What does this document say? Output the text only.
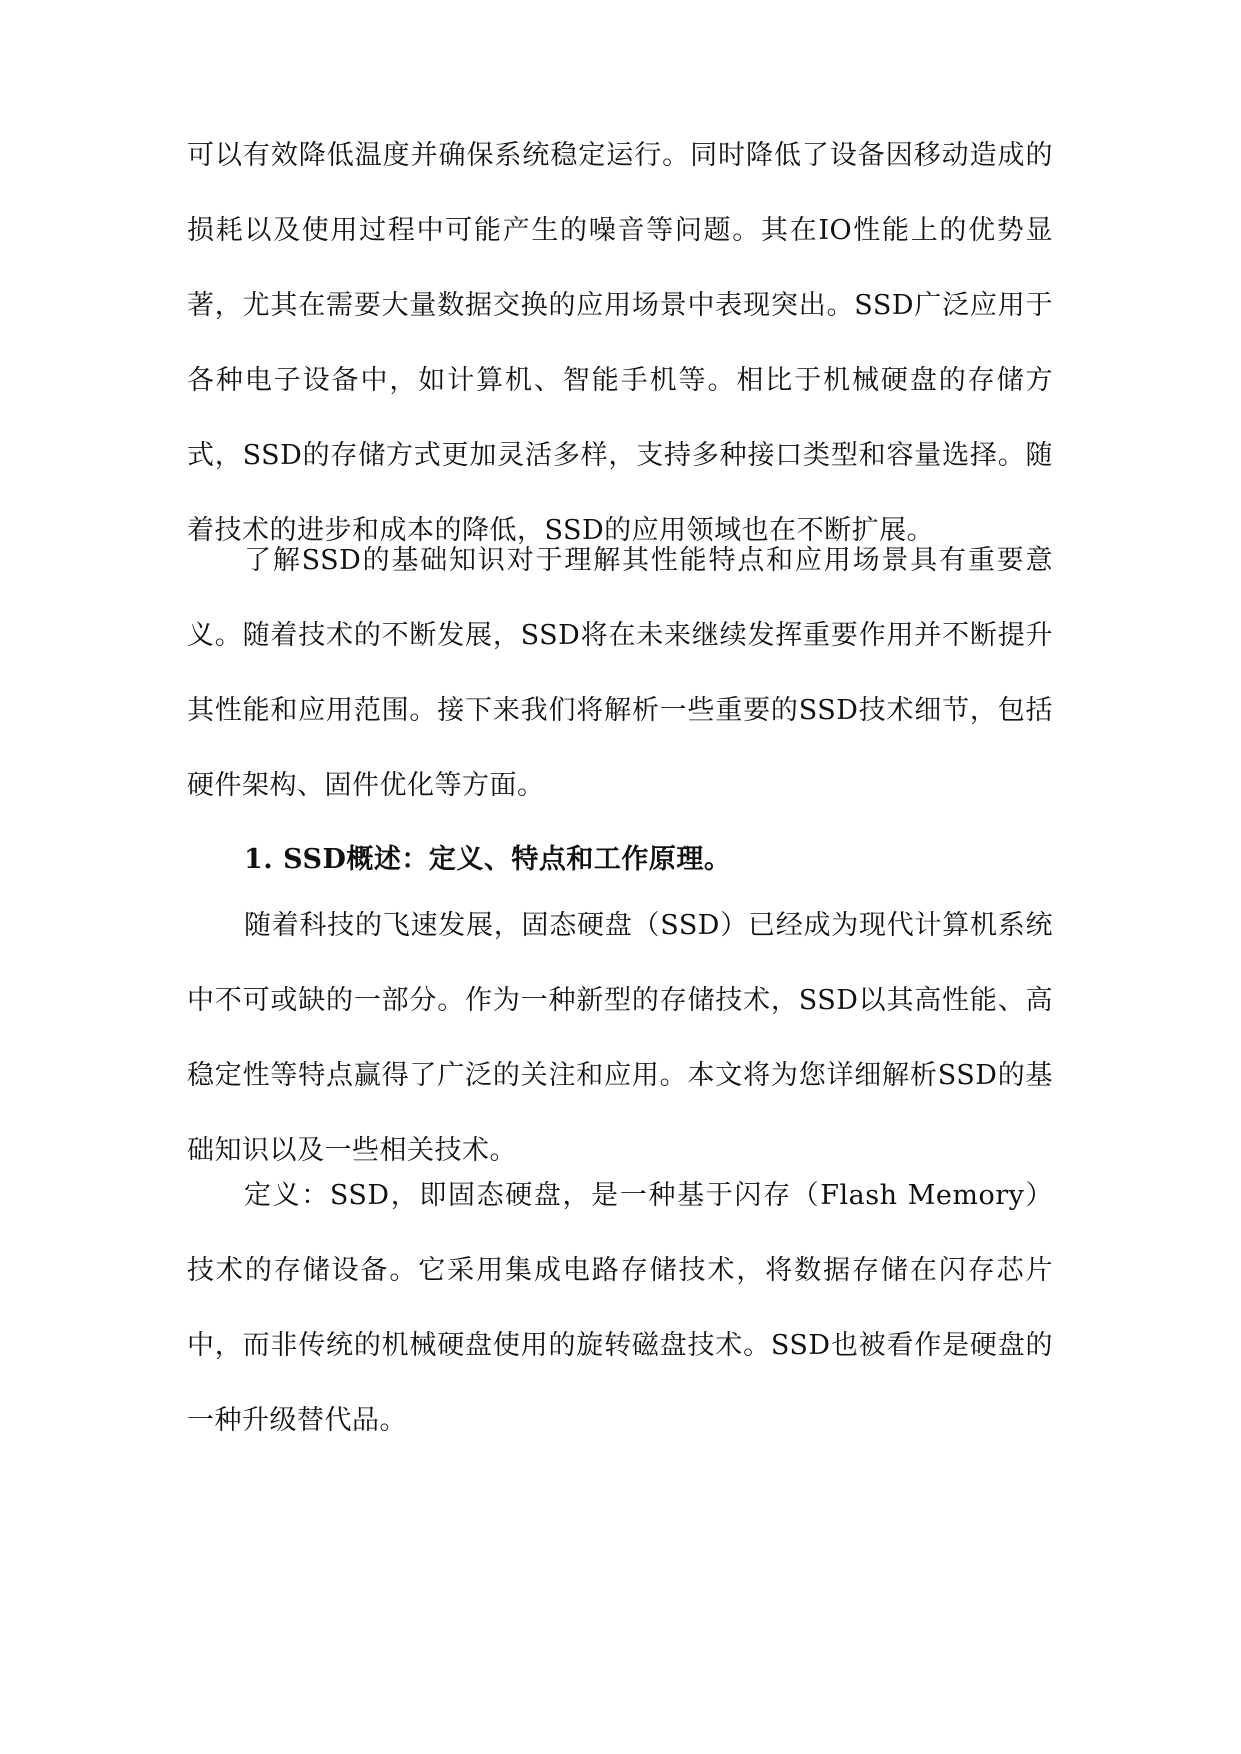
可以有效降低温度并确保系统稳定运行。同时降低了设备因移动造成的损耗以及使用过程中可能产生的噪音等问题。其在IO性能上的优势显著，尤其在需要大量数据交换的应用场景中表现突出。SSD广泛应用于各种电子设备中，如计算机、智能手机等。相比于机械硬盘的存储方式，SSD的存储方式更加灵活多样，支持多种接口类型和容量选择。随着技术的进步和成本的降低，SSD的应用领域也在不断扩展。

了解SSD的基础知识对于理解其性能特点和应用场景具有重要意义。随着技术的不断发展，SSD将在未来继续发挥重要作用并不断提升其性能和应用范围。接下来我们将解析一些重要的SSD技术细节，包括硬件架构、固件优化等方面。

1. SSD概述：定义、特点和工作原理。

随着科技的飞速发展，固态硬盘（SSD）已经成为现代计算机系统中不可或缺的一部分。作为一种新型的存储技术，SSD以其高性能、高稳定性等特点赢得了广泛的关注和应用。本文将为您详细解析SSD的基础知识以及一些相关技术。

定义：SSD，即固态硬盘，是一种基于闪存（Flash Memory）技术的存储设备。它采用集成电路存储技术，将数据存储在闪存芯片中，而非传统的机械硬盘使用的旋转磁盘技术。SSD也被看作是硬盘的一种升级替代品。
